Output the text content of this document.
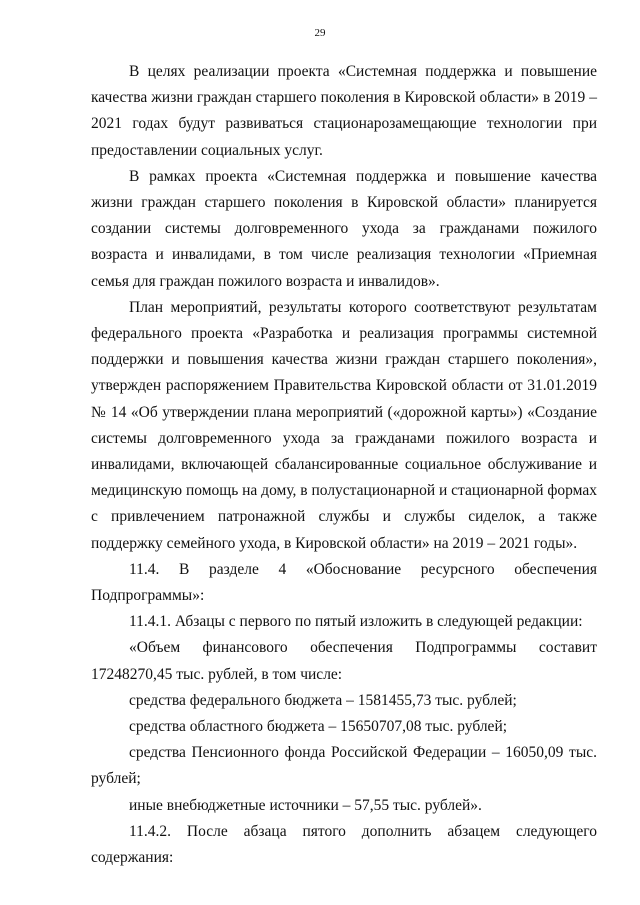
29

В целях реализации проекта «Системная поддержка и повышение качества жизни граждан старшего поколения в Кировской области» в 2019 – 2021 годах будут развиваться стационарозамещающие технологии при предоставлении социальных услуг.

В рамках проекта «Системная поддержка и повышение качества жизни граждан старшего поколения в Кировской области» планируется создании системы долговременного ухода за гражданами пожилого возраста и инвалидами, в том числе реализация технологии «Приемная семья для граждан пожилого возраста и инвалидов».

План мероприятий, результаты которого соответствуют результатам федерального проекта «Разработка и реализация программы системной поддержки и повышения качества жизни граждан старшего поколения», утвержден распоряжением Правительства Кировской области от 31.01.2019 № 14 «Об утверждении плана мероприятий («дорожной карты») «Создание системы долговременного ухода за гражданами пожилого возраста и инвалидами, включающей сбалансированные социальное обслуживание и медицинскую помощь на дому, в полустационарной и стационарной формах с привлечением патронажной службы и службы сиделок, а также поддержку семейного ухода, в Кировской области» на 2019 – 2021 годы».

11.4. В разделе 4 «Обоснование ресурсного обеспечения Подпрограммы»:

11.4.1. Абзацы с первого по пятый изложить в следующей редакции:

«Объем финансового обеспечения Подпрограммы составит 17248270,45 тыс. рублей, в том числе:

средства федерального бюджета – 1581455,73 тыс. рублей;

средства областного бюджета – 15650707,08 тыс. рублей;

средства Пенсионного фонда Российской Федерации – 16050,09 тыс. рублей;

иные внебюджетные источники – 57,55 тыс. рублей».

11.4.2. После абзаца пятого дополнить абзацем следующего содержания:
